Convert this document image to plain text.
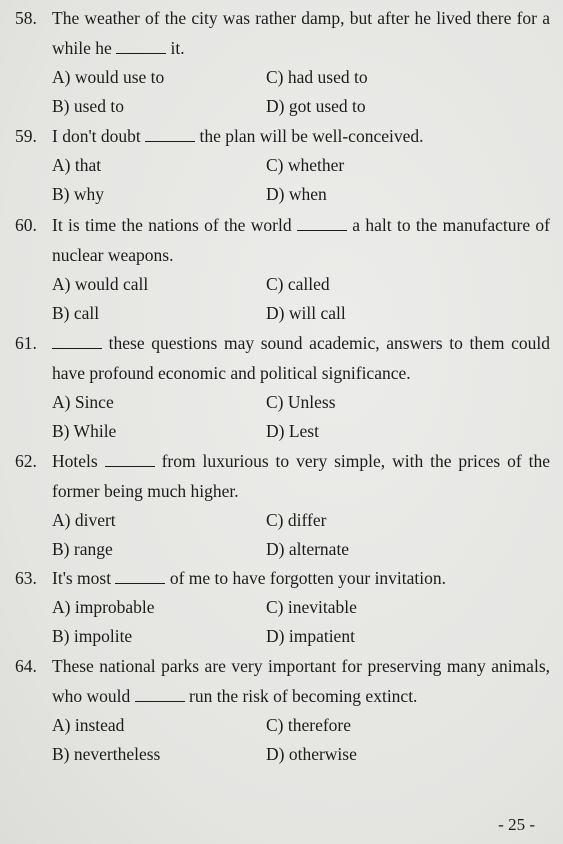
58. The weather of the city was rather damp, but after he lived there for a while he	it.
A) would use to	C) had used to
B) used to	D) got used to
59. I don't doubt	the plan will be well-conceived.
A) that	C) whether
B) why	D) when
60. It is time the nations of the world	a halt to the manufacture of nuclear weapons.
A) would call	C) called
B) call	D) will call
61.	these questions may sound academic, answers to them could have profound economic and political significance.
A) Since	C) Unless
B) While	D) Lest
62. Hotels	from luxurious to very simple, with the prices of the former being much higher.
A) divert	C) differ
B) range	D) alternate
63. It's most	of me to have forgotten your invitation.
A) improbable	C) inevitable
B) impolite	D) impatient
64. These national parks are very important for preserving many animals, who would	run the risk of becoming extinct.
A) instead	C) therefore
B) nevertheless	D) otherwise
- 25 -
